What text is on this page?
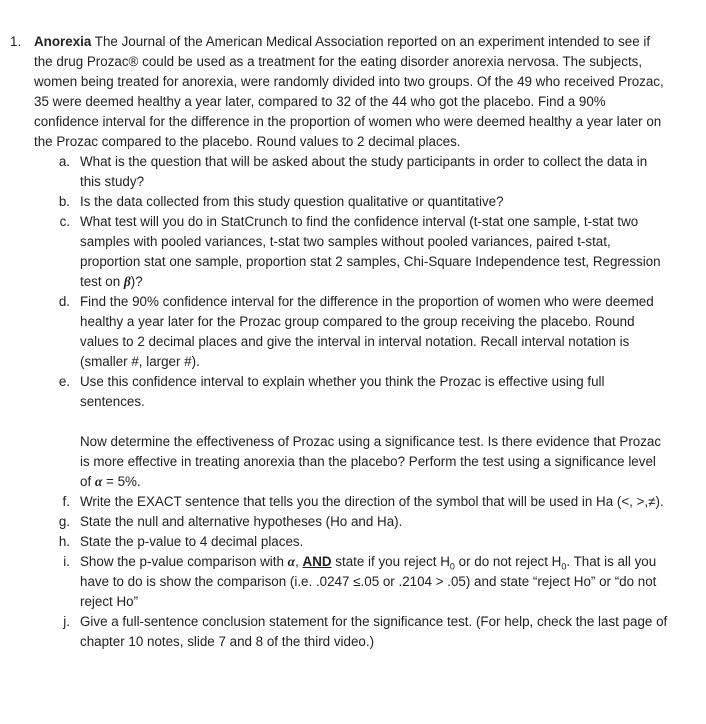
1. Anorexia The Journal of the American Medical Association reported on an experiment intended to see if the drug Prozac® could be used as a treatment for the eating disorder anorexia nervosa. The subjects, women being treated for anorexia, were randomly divided into two groups. Of the 49 who received Prozac, 35 were deemed healthy a year later, compared to 32 of the 44 who got the placebo. Find a 90% confidence interval for the difference in the proportion of women who were deemed healthy a year later on the Prozac compared to the placebo. Round values to 2 decimal places.
a. What is the question that will be asked about the study participants in order to collect the data in this study?
b. Is the data collected from this study question qualitative or quantitative?
c. What test will you do in StatCrunch to find the confidence interval (t-stat one sample, t-stat two samples with pooled variances, t-stat two samples without pooled variances, paired t-stat, proportion stat one sample, proportion stat 2 samples, Chi-Square Independence test, Regression test on β)?
d. Find the 90% confidence interval for the difference in the proportion of women who were deemed healthy a year later for the Prozac group compared to the group receiving the placebo. Round values to 2 decimal places and give the interval in interval notation. Recall interval notation is (smaller #, larger #).
e. Use this confidence interval to explain whether you think the Prozac is effective using full sentences.
Now determine the effectiveness of Prozac using a significance test. Is there evidence that Prozac is more effective in treating anorexia than the placebo? Perform the test using a significance level of α = 5%.
f. Write the EXACT sentence that tells you the direction of the symbol that will be used in Ha (<, >,≠).
g. State the null and alternative hypotheses (Ho and Ha).
h. State the p-value to 4 decimal places.
i. Show the p-value comparison with α, AND state if you reject $H_0$ or do not reject $H_0$. That is all you have to do is show the comparison (i.e. .0247 ≤.05 or .2104 > .05) and state “reject Ho” or “do not reject Ho”
j. Give a full-sentence conclusion statement for the significance test. (For help, check the last page of chapter 10 notes, slide 7 and 8 of the third video.)
